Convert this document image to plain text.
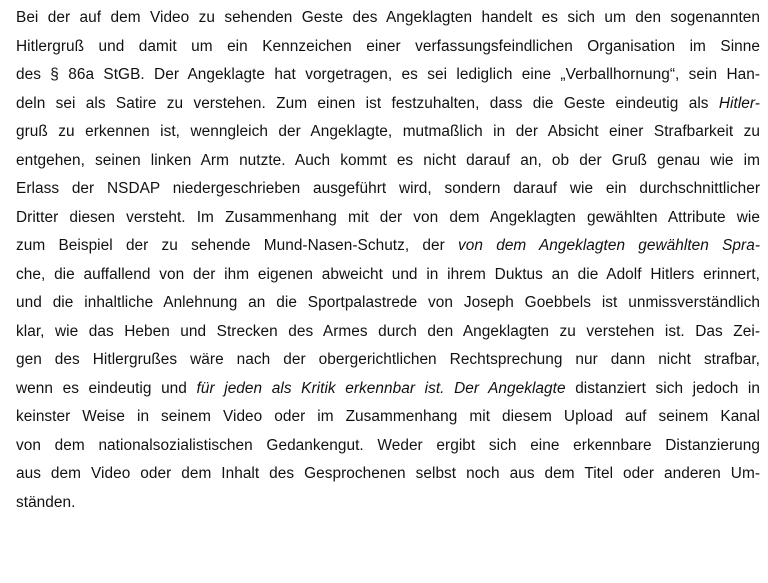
Bei der auf dem Video zu sehenden Geste des Angeklagten handelt es sich um den sogenannten
Hitlergruß und damit um ein Kennzeichen einer verfassungsfeindlichen Organisation im Sinne
des § 86a StGB. Der Angeklagte hat vorgetragen, es sei lediglich eine „Verballhornung“, sein Han-
deln sei als Satire zu verstehen. Zum einen ist festzuhalten, dass die Geste eindeutig als Hitler-
gruß zu erkennen ist, wenngleich der Angeklagte, mutmaßlich in der Absicht einer Strafbarkeit zu
entgehen, seinen linken Arm nutzte. Auch kommt es nicht darauf an, ob der Gruß genau wie im
Erlass der NSDAP niedergeschrieben ausgeführt wird, sondern darauf wie ein durchschnittlicher
Dritter diesen versteht. Im Zusammenhang mit der von dem Angeklagten gewählten Attribute wie
zum Beispiel der zu sehende Mund-Nasen-Schutz, der von dem Angeklagten gewählten Spra-
che, die auffallend von der ihm eigenen abweicht und in ihrem Duktus an die Adolf Hitlers erinnert,
und die inhaltliche Anlehnung an die Sportpalastrede von Joseph Goebbels ist unmissverständlich
klar, wie das Heben und Strecken des Armes durch den Angeklagten zu verstehen ist. Das Zei-
gen des Hitlergrußes wäre nach der obergerichtlichen Rechtsprechung nur dann nicht strafbar,
wenn es eindeutig und für jeden als Kritik erkennbar ist. Der Angeklagte distanziert sich jedoch in
keinster Weise in seinem Video oder im Zusammenhang mit diesem Upload auf seinem Kanal
von dem nationalsozialistischen Gedankengut. Weder ergibt sich eine erkennbare Distanzierung
aus dem Video oder dem Inhalt des Gesprochenen selbst noch aus dem Titel oder anderen Um-
ständen.
